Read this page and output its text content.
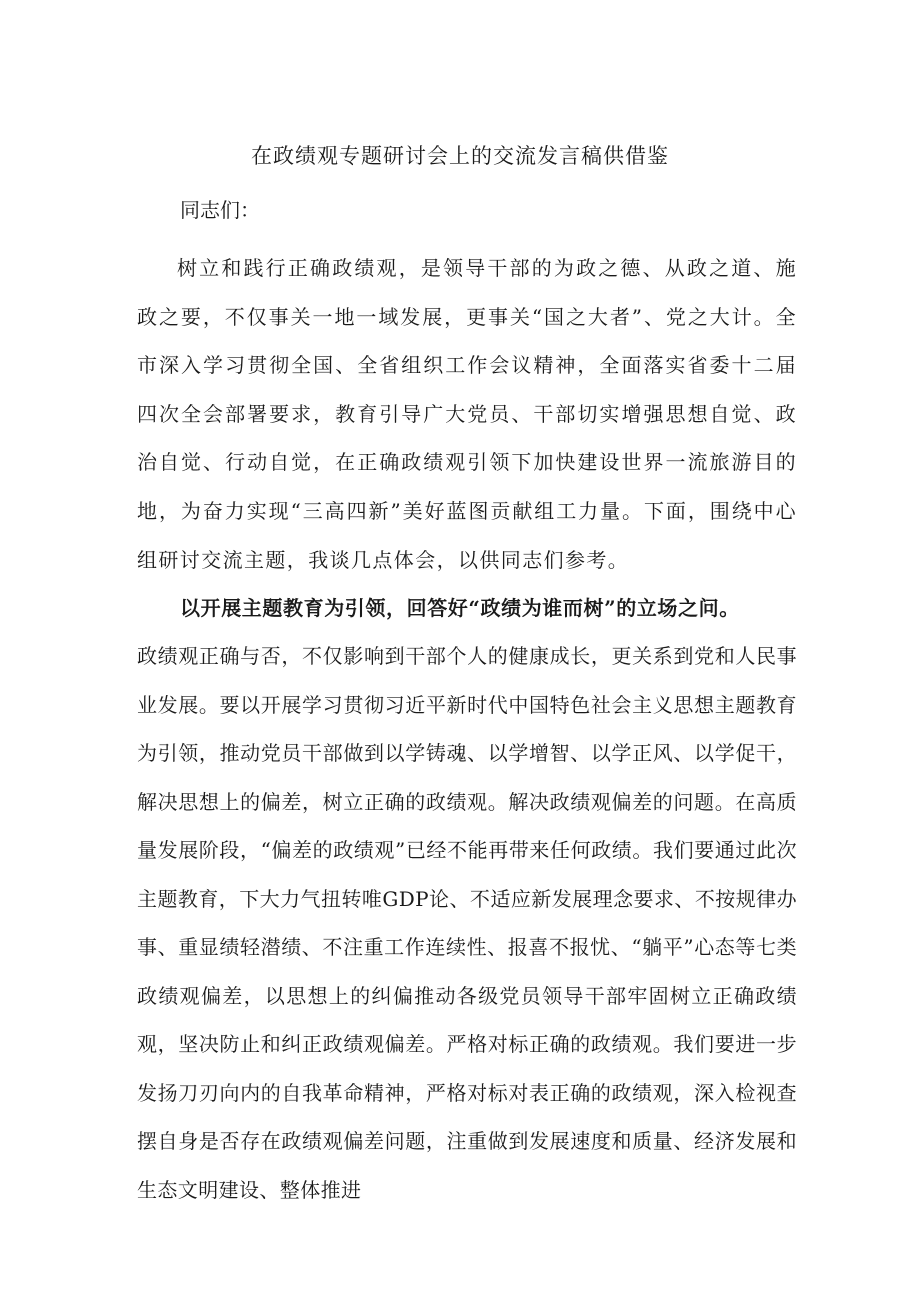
在政绩观专题研讨会上的交流发言稿供借鉴
同志们：
树立和践行正确政绩观，是领导干部的为政之德、从政之道、施政之要，不仅事关一地一域发展，更事关“国之大者”、党之大计。全市深入学习贯彻全国、全省组织工作会议精神，全面落实省委十二届四次全会部署要求，教育引导广大党员、干部切实增强思想自觉、政治自觉、行动自觉，在正确政绩观引领下加快建设世界一流旅游目的地，为奋力实现“三高四新”美好蓝图贡献组工力量。下面，围绕中心组研讨交流主题，我谈几点体会，以供同志们参考。
以开展主题教育为引领，回答好“政绩为谁而树”的立场之问。
政绩观正确与否，不仅影响到干部个人的健康成长，更关系到党和人民事业发展。要以开展学习贯彻习近平新时代中国特色社会主义思想主题教育为引领，推动党员干部做到以学铸魂、以学增智、以学正风、以学促干，解决思想上的偏差，树立正确的政绩观。解决政绩观偏差的问题。在高质量发展阶段，“偏差的政绩观”已经不能再带来任何政绩。我们要通过此次主题教育，下大力气扭转唯GDP论、不适应新发展理念要求、不按规律办事、重显绩轻潜绩、不注重工作连续性、报喜不报忧、“躺平”心态等七类政绩观偏差，以思想上的纠偏推动各级党员领导干部牢固树立正确政绩观，坚决防止和纠正政绩观偏差。严格对标正确的政绩观。我们要进一步发扬刀刃向内的自我革命精神，严格对标对表正确的政绩观，深入检视查摆自身是否存在政绩观偏差问题，注重做到发展速度和质量、经济发展和生态文明建设、整体推进
